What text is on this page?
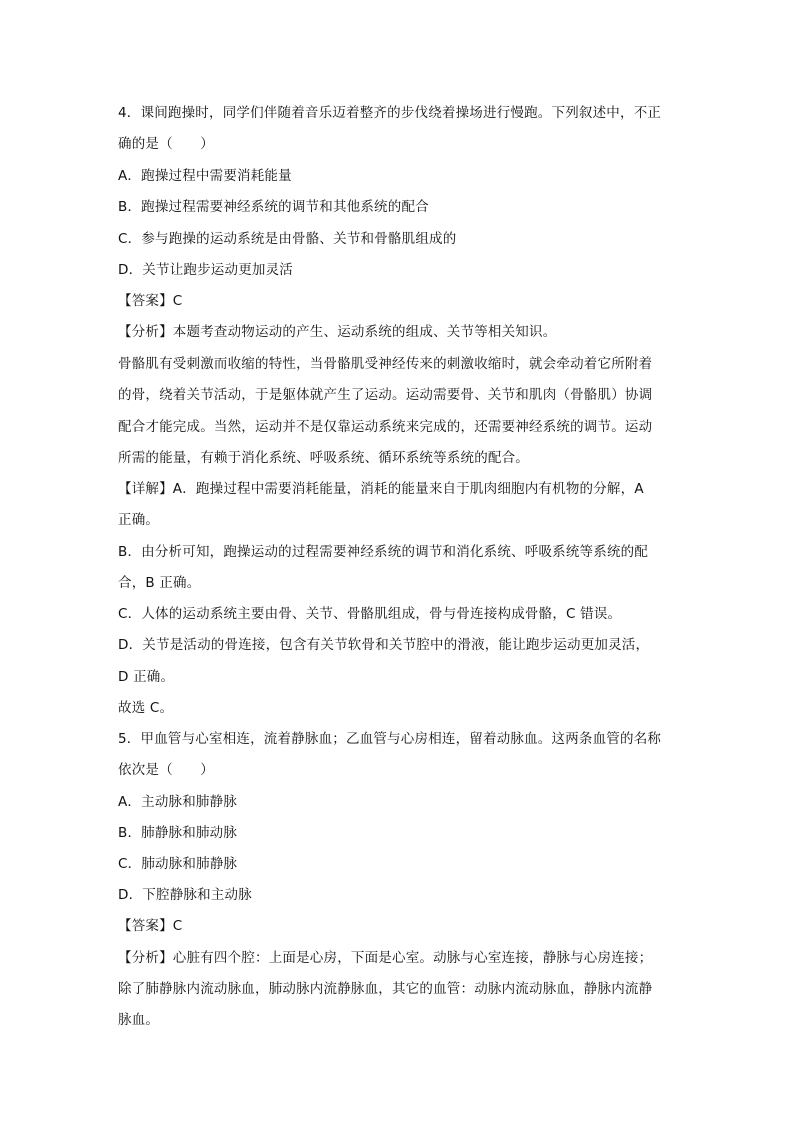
4．课间跑操时，同学们伴随着音乐迈着整齐的步伐绕着操场进行慢跑。下列叙述中，不正
确的是（　　）
A．跑操过程中需要消耗能量
B．跑操过程需要神经系统的调节和其他系统的配合
C．参与跑操的运动系统是由骨骼、关节和骨骼肌组成的
D．关节让跑步运动更加灵活
【答案】C
【分析】本题考查动物运动的产生、运动系统的组成、关节等相关知识。
骨骼肌有受刺激而收缩的特性，当骨骼肌受神经传来的刺激收缩时，就会牵动着它所附着
的骨，绕着关节活动，于是躯体就产生了运动。运动需要骨、关节和肌肉（骨骼肌）协调
配合才能完成。当然，运动并不是仅靠运动系统来完成的，还需要神经系统的调节。运动
所需的能量，有赖于消化系统、呼吸系统、循环系统等系统的配合。
【详解】A．跑操过程中需要消耗能量，消耗的能量来自于肌肉细胞内有机物的分解，A
正确。
B．由分析可知，跑操运动的过程需要神经系统的调节和消化系统、呼吸系统等系统的配
合，B 正确。
C．人体的运动系统主要由骨、关节、骨骼肌组成，骨与骨连接构成骨骼，C 错误。
D．关节是活动的骨连接，包含有关节软骨和关节腔中的滑液，能让跑步运动更加灵活，
D 正确。
故选 C。
5．甲血管与心室相连，流着静脉血；乙血管与心房相连，留着动脉血。这两条血管的名称
依次是（　　）
A．主动脉和肺静脉
B．肺静脉和肺动脉
C．肺动脉和肺静脉
D．下腔静脉和主动脉
【答案】C
【分析】心脏有四个腔：上面是心房，下面是心室。动脉与心室连接，静脉与心房连接；
除了肺静脉内流动脉血，肺动脉内流静脉血，其它的血管：动脉内流动脉血，静脉内流静
脉血。
